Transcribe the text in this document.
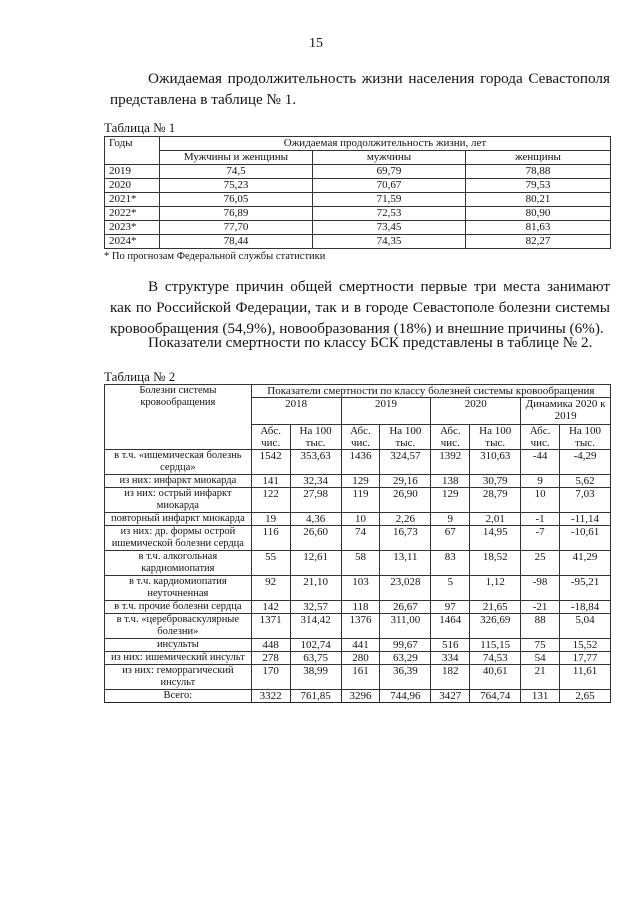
15
Ожидаемая продолжительность жизни населения города Севастополя представлена в таблице № 1.
Таблица № 1
Годы	Ожидаемая продолжительность жизни, лет		
	Мужчины и женщины	мужчины	женщины
2019	74,5	69,79	78,88
2020	75,23	70,67	79,53
2021*	76,05	71,59	80,21
2022*	76,89	72,53	80,90
2023*	77,70	73,45	81,63
2024*	78,44	74,35	82,27
* По прогнозам Федеральной службы статистики
В структуре причин общей смертности первые три места занимают как по Российской Федерации, так и в городе Севастополе болезни системы кровообращения (54,9%), новообразования (18%) и внешние причины (6%).
Показатели смертности по классу БСК представлены в таблице № 2.
Таблица № 2
Болезни системы кровообращения	Показатели смертности по классу болезней системы кровообращения							
	2018		2019		2020		Динамика 2020 к 2019	
	Абс. чис.	На 100 тыс.	Абс. чис.	На 100 тыс.	Абс. чис.	На 100 тыс.	Абс. чис.	На 100 тыс.
в т.ч. «ишемическая болезнь сердца»	1542	353,63	1436	324,57	1392	310,63	-44	-4,29
из них: инфаркт миокарда	141	32,34	129	29,16	138	30,79	9	5,62
из них: острый инфаркт миокарда	122	27,98	119	26,90	129	28,79	10	7,03
повторный инфаркт миокарда	19	4,36	10	2,26	9	2,01	-1	-11,14
из них: др. формы острой ишемической болезни сердца	116	26,60	74	16,73	67	14,95	-7	-10,61
в т.ч. алкогольная кардиомиопатия	55	12,61	58	13,11	83	18,52	25	41,29
в т.ч. кардиомиопатия неуточненная	92	21,10	103	23,028	5	1,12	-98	-95,21
в т.ч. прочие болезни сердца	142	32,57	118	26,67	97	21,65	-21	-18,84
в т.ч. «цереброваскулярные болезни»	1371	314,42	1376	311,00	1464	326,69	88	5,04
инсульты	448	102,74	441	99,67	516	115,15	75	15,52
из них: ишемический инсульт	278	63,75	280	63,29	334	74,53	54	17,77
из них: геморрагический инсульт	170	38,99	161	36,39	182	40,61	21	11,61
Всего:	3322	761,85	3296	744,96	3427	764,74	131	2,65
